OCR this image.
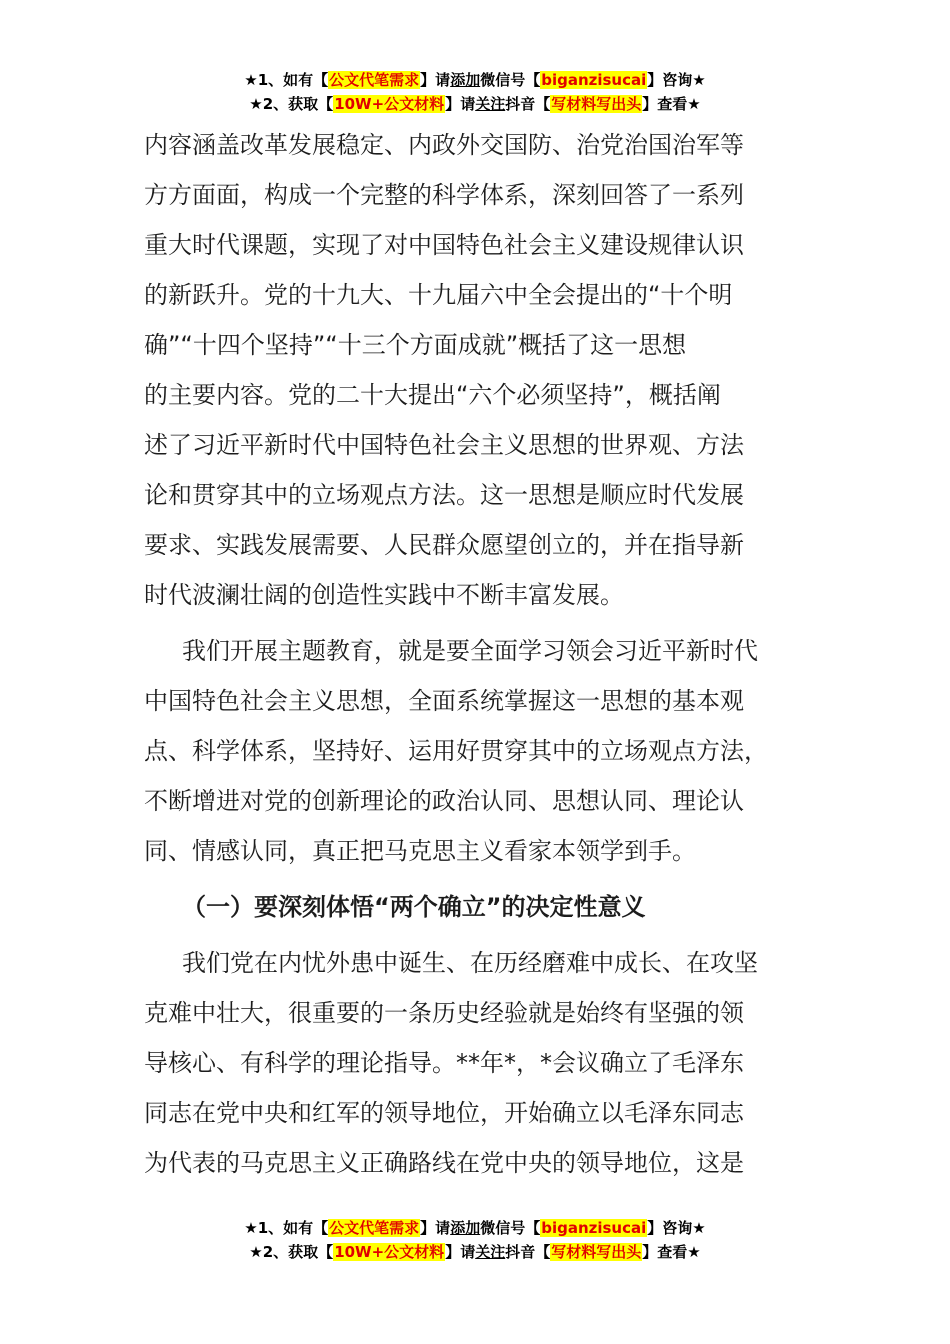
★1、如有【公文代笔需求】请添加微信号【biganzisucai】咨询★
★2、获取【10W+公文材料】请关注抖音【写材料写出头】查看★

内容涵盖改革发展稳定、内政外交国防、治党治国治军等
方方面面，构成一个完整的科学体系，深刻回答了一系列
重大时代课题，实现了对中国特色社会主义建设规律认识
的新跃升。党的十九大、十九届六中全会提出的“十个明
确”“十四个坚持”“十三个方面成就”概括了这一思想
的主要内容。党的二十大提出“六个必须坚持”，概括阐
述了习近平新时代中国特色社会主义思想的世界观、方法
论和贯穿其中的立场观点方法。这一思想是顺应时代发展
要求、实践发展需要、人民群众愿望创立的，并在指导新
时代波澜壮阔的创造性实践中不断丰富发展。

我们开展主题教育，就是要全面学习领会习近平新时代
中国特色社会主义思想，全面系统掌握这一思想的基本观
点、科学体系，坚持好、运用好贯穿其中的立场观点方法，
不断增进对党的创新理论的政治认同、思想认同、理论认
同、情感认同，真正把马克思主义看家本领学到手。

（一）要深刻体悟“两个确立”的决定性意义

我们党在内忧外患中诞生、在历经磨难中成长、在攻坚
克难中壮大，很重要的一条历史经验就是始终有坚强的领
导核心、有科学的理论指导。**年*，*会议确立了毛泽东
同志在党中央和红军的领导地位，开始确立以毛泽东同志
为代表的马克思主义正确路线在党中央的领导地位，这是

★1、如有【公文代笔需求】请添加微信号【biganzisucai】咨询★
★2、获取【10W+公文材料】请关注抖音【写材料写出头】查看★
